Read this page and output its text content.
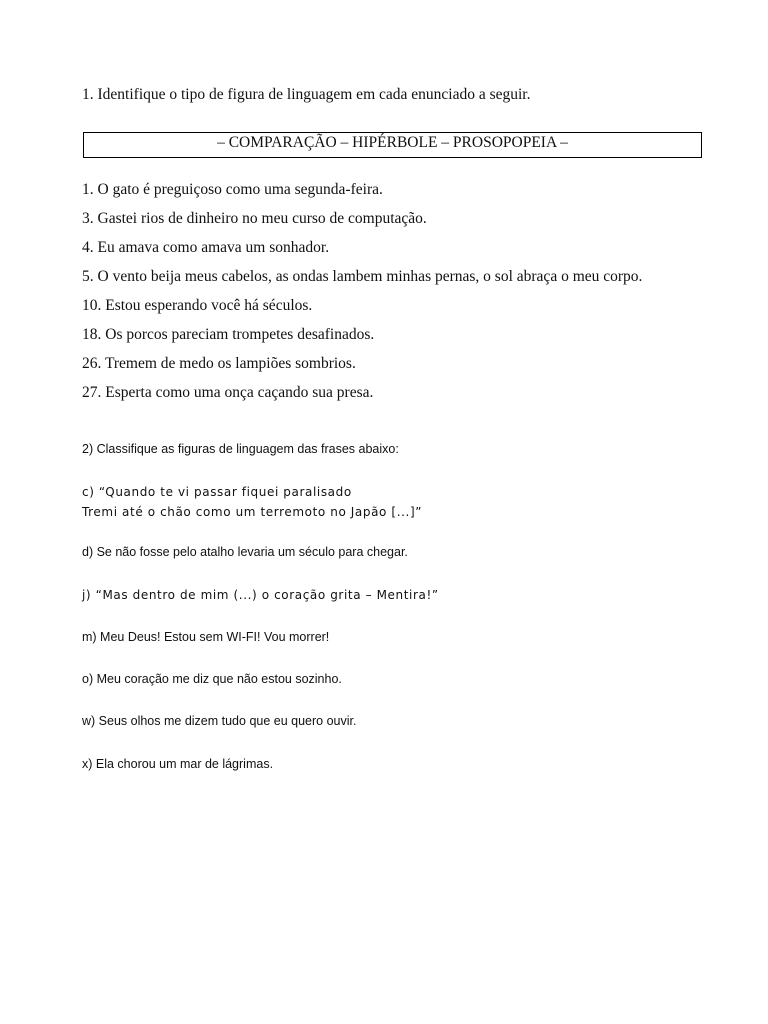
1. Identifique o tipo de figura de linguagem em cada enunciado a seguir.
– COMPARAÇÃO – HIPÉRBOLE – PROSOPOPEIA –
1. O gato é preguiçoso como uma segunda-feira.
3. Gastei rios de dinheiro no meu curso de computação.
4. Eu amava como amava um sonhador.
5. O vento beija meus cabelos, as ondas lambem minhas pernas, o sol abraça o meu corpo.
10. Estou esperando você há séculos.
18. Os porcos pareciam trompetes desafinados.
26. Tremem de medo os lampiões sombrios.
27. Esperta como uma onça caçando sua presa.
2) Classifique as figuras de linguagem das frases abaixo:
c) “Quando te vi passar fiquei paralisado
Tremi até o chão como um terremoto no Japão [...]”
d) Se não fosse pelo atalho levaria um século para chegar.
j) “Mas dentro de mim (...) o coração grita – Mentira!”
m) Meu Deus! Estou sem WI-FI! Vou morrer!
o) Meu coração me diz que não estou sozinho.
w) Seus olhos me dizem tudo que eu quero ouvir.
x) Ela chorou um mar de lágrimas.
